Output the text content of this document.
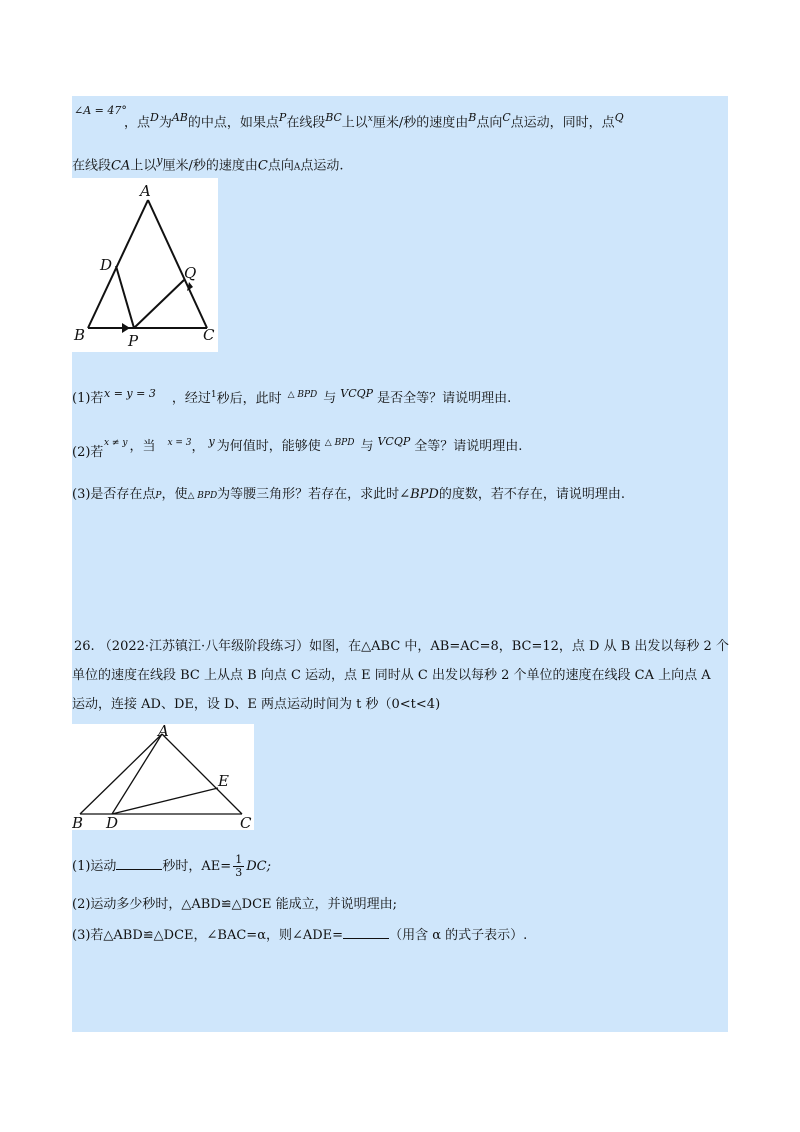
∠A = 47°
，点$^D$为$^{AB}$的中点，如果点$^P$在线段$^{BC}$上以$^x$厘米/秒的速度由$^B$点向$^C$点运动，同时，点$^Q$
在线段CA上以$^y$厘米/秒的速度由C点向A点运动.
A
D	Q
B	P	C
(1)若 $^{x = y = 3}$ ，经过$^1$秒后，此时 $^{\triangle BPD}$ 与 $^{VCQP}$ 是否全等？请说明理由.
(2)若
$^{x \ne y}$ ，当 $^{x = 3}$， $^y$ 为何值时，能够使 $^{\triangle BPD}$ 与 $^{VCQP}$ 全等？请说明理由.
(3)是否存在点P，使△ BPD为等腰三角形？若存在，求此时∠BPD的度数，若不存在，请说明理由.
26. （2022·江苏镇江·八年级阶段练习）如图，在△ABC 中，AB=AC=8，BC=12，点 D 从 B 出发以每秒 2 个
单位的速度在线段 BC 上从点 B 向点 C 运动，点 E 同时从 C 出发以每秒 2 个单位的速度在线段 CA 上向点 A
运动，连接 AD、DE，设 D、E 两点运动时间为 t 秒（0<t<4)
A
E
B D	C
(1)运动	秒时，$AE= \frac{1}{3}$ DC;
(2)运动多少秒时，△ABD≌△DCE 能成立，并说明理由;
(3)若△ABD≌△DCE，∠BAC=α，则∠ADE=	（用含 α 的式子表示）.
